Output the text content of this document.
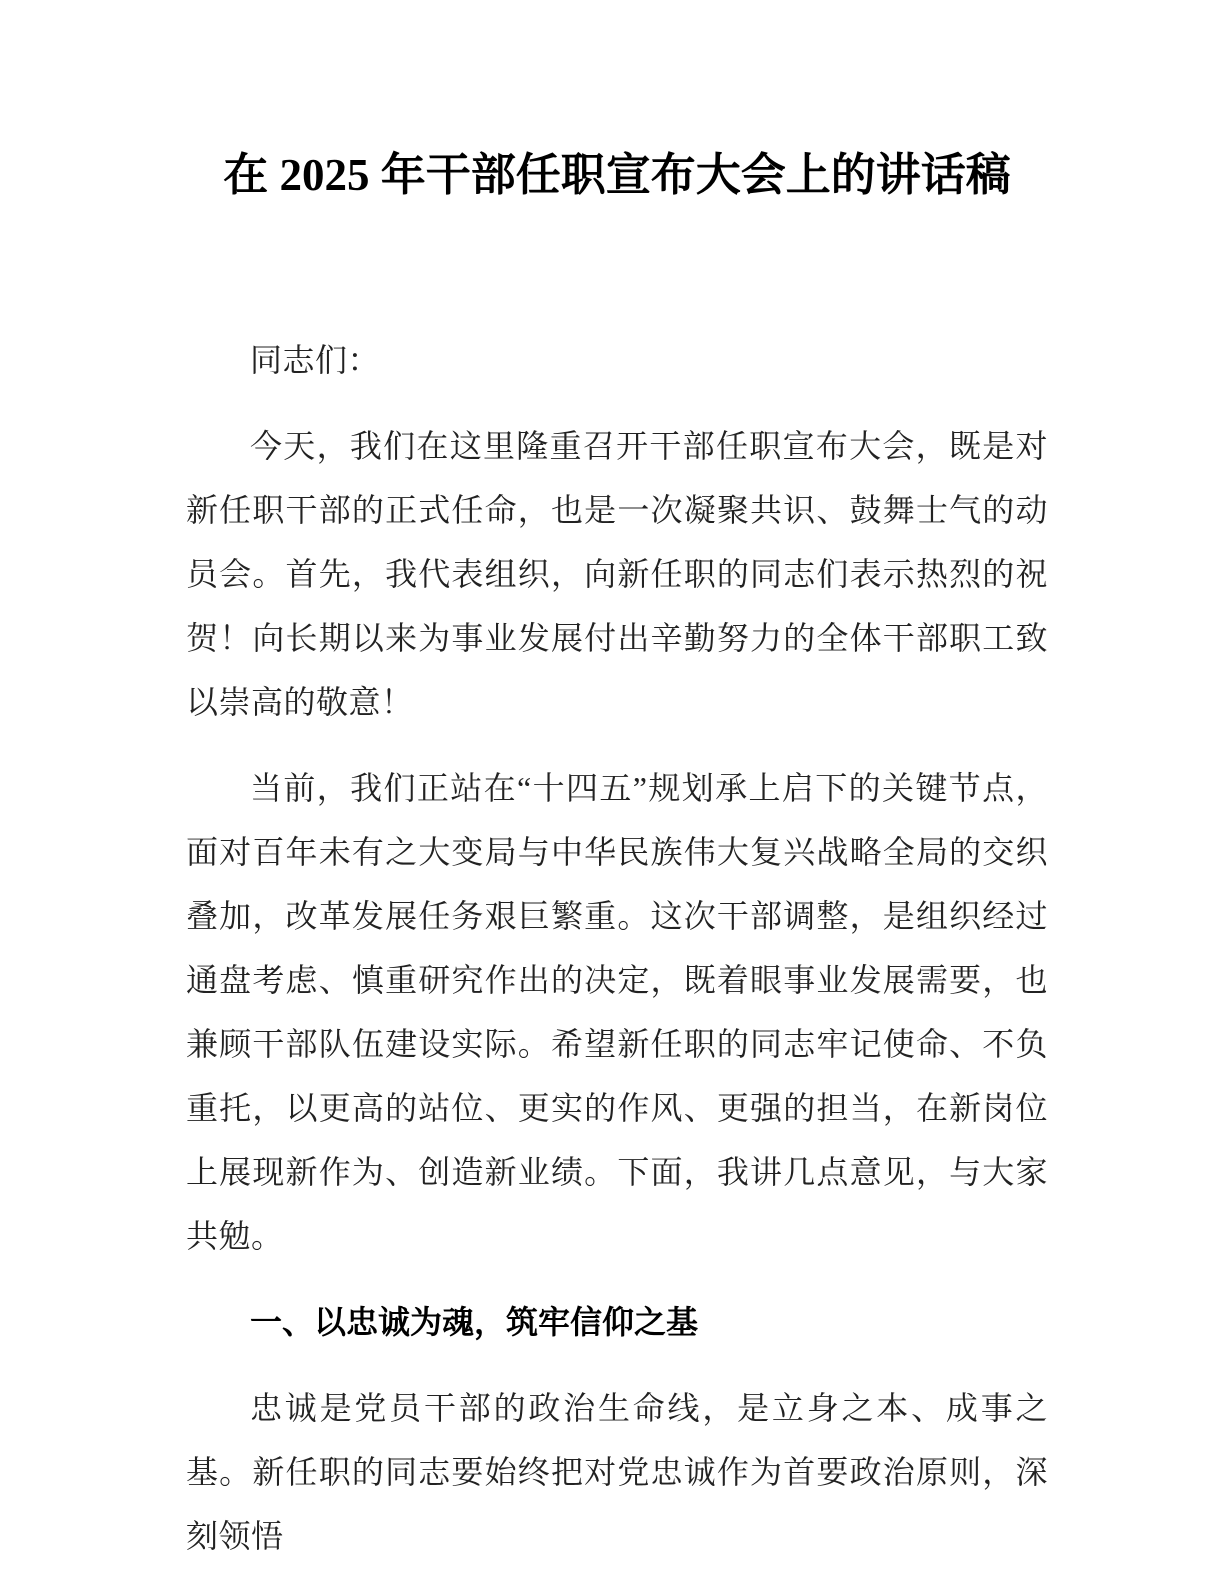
在 2025 年干部任职宣布大会上的讲话稿

同志们：

今天，我们在这里隆重召开干部任职宣布大会，既是对新任职干部的正式任命，也是一次凝聚共识、鼓舞士气的动员会。首先，我代表组织，向新任职的同志们表示热烈的祝贺！向长期以来为事业发展付出辛勤努力的全体干部职工致以崇高的敬意！

当前，我们正站在“十四五”规划承上启下的关键节点，面对百年未有之大变局与中华民族伟大复兴战略全局的交织叠加，改革发展任务艰巨繁重。这次干部调整，是组织经过通盘考虑、慎重研究作出的决定，既着眼事业发展需要，也兼顾干部队伍建设实际。希望新任职的同志牢记使命、不负重托，以更高的站位、更实的作风、更强的担当，在新岗位上展现新作为、创造新业绩。下面，我讲几点意见，与大家共勉。

一、以忠诚为魂，筑牢信仰之基

忠诚是党员干部的政治生命线，是立身之本、成事之基。新任职的同志要始终把对党忠诚作为首要政治原则，深刻领悟
